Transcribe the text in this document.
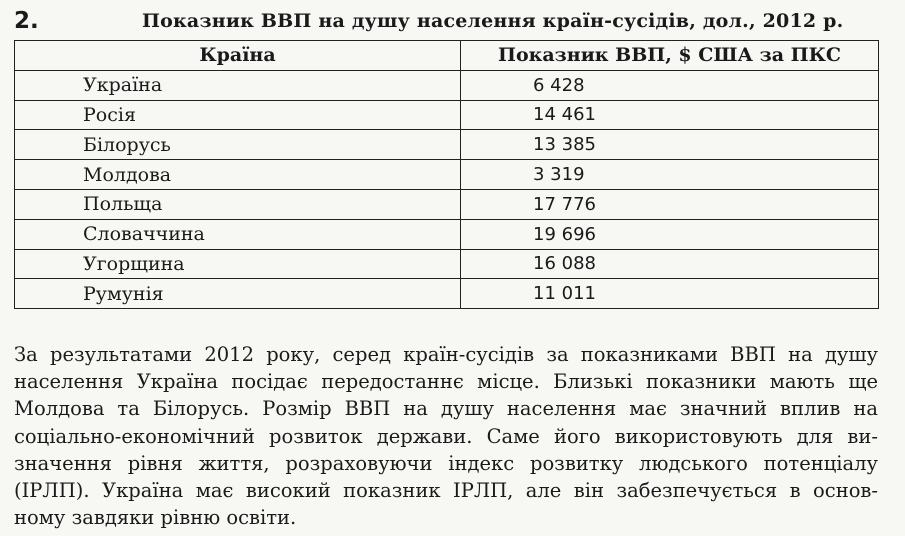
2.	Показник ВВП на душу населення країн-сусідів, дол., 2012 р.
Країна	Показник ВВП, $ США за ПКС
Україна	6 428
Росія	14 461
Білорусь	13 385
Молдова	3 319
Польща	17 776
Словаччина	19 696
Угорщина	16 088
Румунія	11 011
За результатами 2012 року, серед країн-сусідів за показниками ВВП на душу
населення Україна посідає передостаннє місце. Близькі показники мають ще
Молдова та Білорусь. Розмір ВВП на душу населення має значний вплив на
соціально-економічний розвиток держави. Саме його використовують для ви-
значення рівня життя, розраховуючи індекс розвитку людського потенціалу
(ІРЛП). Україна має високий показник ІРЛП, але він забезпечується в основ-
ному завдяки рівню освіти.
